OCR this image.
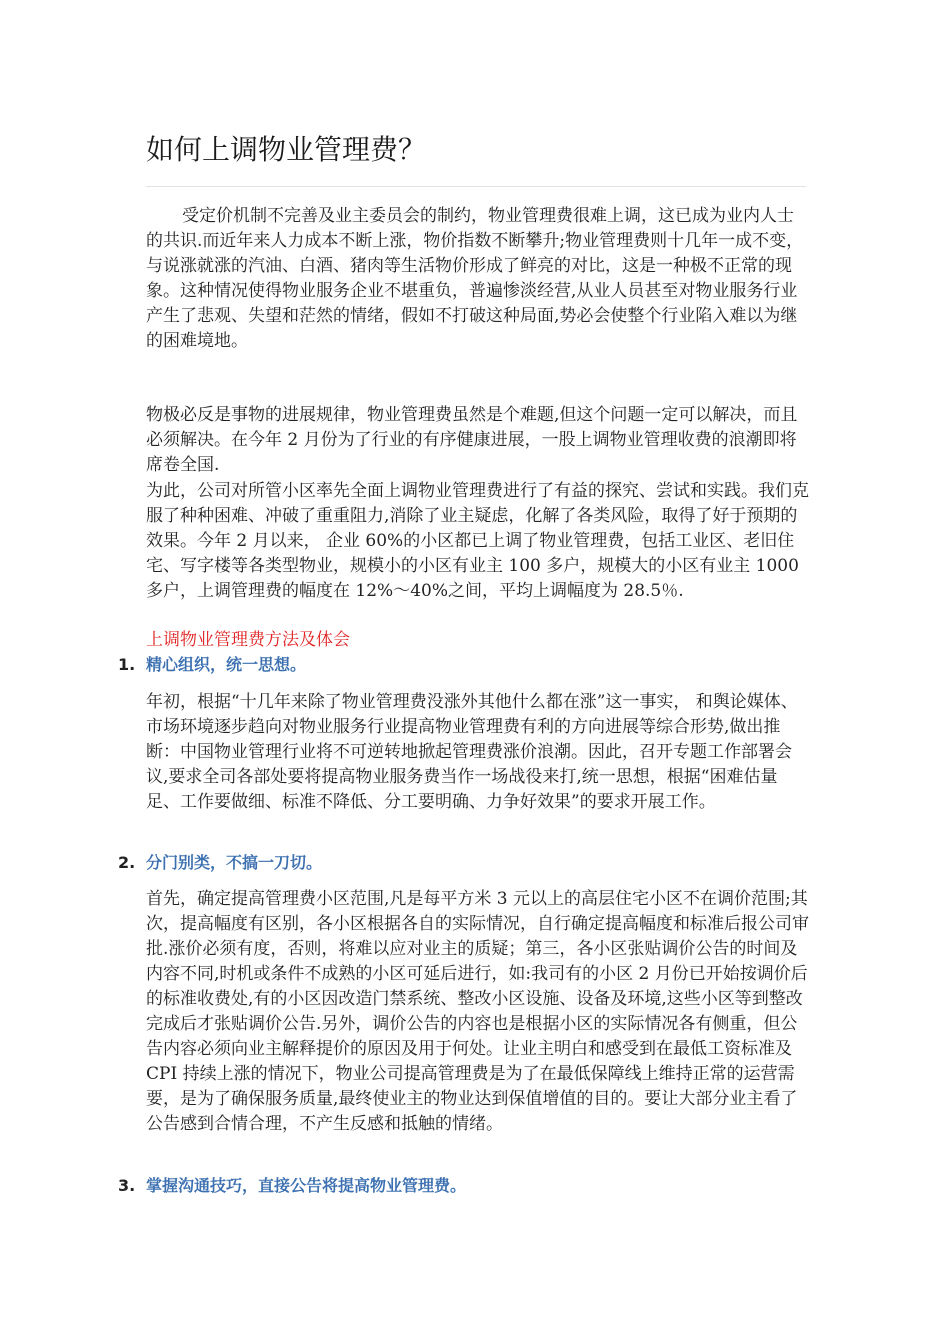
如何上调物业管理费？

受定价机制不完善及业主委员会的制约，物业管理费很难上调，这已成为业内人士的共识.而近年来人力成本不断上涨，物价指数不断攀升;物业管理费则十几年一成不变，与说涨就涨的汽油、白酒、猪肉等生活物价形成了鲜亮的对比，这是一种极不正常的现象。这种情况使得物业服务企业不堪重负，普遍惨淡经营,从业人员甚至对物业服务行业产生了悲观、失望和茫然的情绪，假如不打破这种局面,势必会使整个行业陷入难以为继的困难境地。

物极必反是事物的进展规律，物业管理费虽然是个难题,但这个问题一定可以解决，而且必须解决。在今年 2 月份为了行业的有序健康进展，一股上调物业管理收费的浪潮即将席卷全国.

为此，公司对所管小区率先全面上调物业管理费进行了有益的探究、尝试和实践。我们克服了种种困难、冲破了重重阻力,消除了业主疑虑，化解了各类风险，取得了好于预期的效果。今年 2 月以来， 企业 60%的小区都已上调了物业管理费，包括工业区、老旧住宅、写字楼等各类型物业，规模小的小区有业主 100 多户，规模大的小区有业主 1000 多户，上调管理费的幅度在 12%～40%之间，平均上调幅度为 28.5％.

上调物业管理费方法及体会

1. 精心组织，统一思想。

年初，根据“十几年来除了物业管理费没涨外其他什么都在涨”这一事实， 和舆论媒体、市场环境逐步趋向对物业服务行业提高物业管理费有利的方向进展等综合形势,做出推断：中国物业管理行业将不可逆转地掀起管理费涨价浪潮。因此，召开专题工作部署会议,要求全司各部处要将提高物业服务费当作一场战役来打,统一思想，根据“困难估量足、工作要做细、标准不降低、分工要明确、力争好效果”的要求开展工作。

2. 分门别类，不搞一刀切。

首先，确定提高管理费小区范围,凡是每平方米 3 元以上的高层住宅小区不在调价范围;其次，提高幅度有区别，各小区根据各自的实际情况，自行确定提高幅度和标准后报公司审批.涨价必须有度，否则，将难以应对业主的质疑；第三，各小区张贴调价公告的时间及内容不同,时机或条件不成熟的小区可延后进行，如:我司有的小区 2 月份已开始按调价后的标准收费处,有的小区因改造门禁系统、整改小区设施、设备及环境,这些小区等到整改完成后才张贴调价公告.另外，调价公告的内容也是根据小区的实际情况各有侧重，但公告内容必须向业主解释提价的原因及用于何处。让业主明白和感受到在最低工资标准及 CPI 持续上涨的情况下，物业公司提高管理费是为了在最低保障线上维持正常的运营需要，是为了确保服务质量,最终使业主的物业达到保值增值的目的。要让大部分业主看了公告感到合情合理，不产生反感和抵触的情绪。

3. 掌握沟通技巧，直接公告将提高物业管理费。
